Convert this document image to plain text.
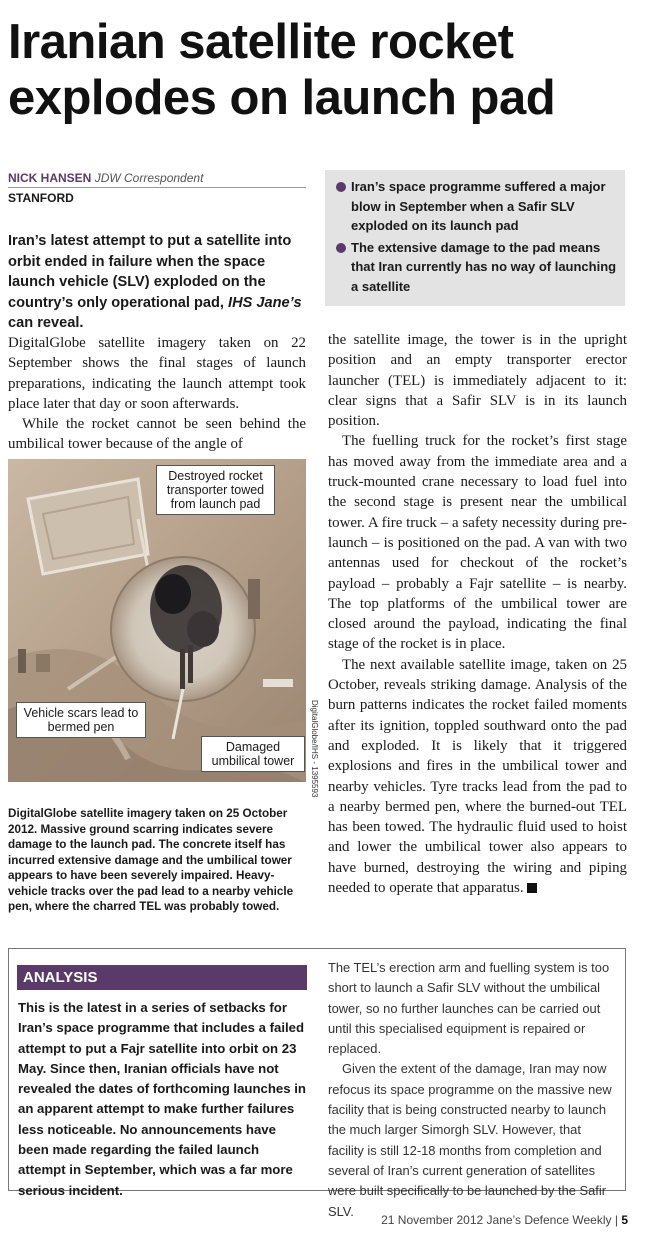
Iranian satellite rocket explodes on launch pad
NICK HANSEN JDW Correspondent
STANFORD
Iran’s space programme suffered a major blow in September when a Safir SLV exploded on its launch pad
The extensive damage to the pad means that Iran currently has no way of launching a satellite
Iran’s latest attempt to put a satellite into orbit ended in failure when the space launch vehicle (SLV) exploded on the country’s only operational pad, IHS Jane’s can reveal.

DigitalGlobe satellite imagery taken on 22 September shows the final stages of launch preparations, indicating the launch attempt took place later that day or soon afterwards.

While the rocket cannot be seen behind the umbilical tower because of the angle of

Destroyed rocket transporter towed from launch pad
Vehicle scars lead to bermed pen
Damaged umbilical tower	DigitalGlobe/IHS - 1395593
DigitalGlobe satellite imagery taken on 25 October 2012. Massive ground scarring indicates severe damage to the launch pad. The concrete itself has incurred extensive damage and the umbilical tower appears to have been severely impaired. Heavy-vehicle tracks over the pad lead to a nearby vehicle pen, where the charred TEL was probably towed.

the satellite image, the tower is in the upright position and an empty transporter erector launcher (TEL) is immediately adjacent to it: clear signs that a Safir SLV is in its launch position.

The fuelling truck for the rocket’s first stage has moved away from the immediate area and a truck-mounted crane necessary to load fuel into the second stage is present near the umbilical tower. A fire truck – a safety necessity during pre-launch – is positioned on the pad. A van with two antennas used for checkout of the rocket’s payload – probably a Fajr satellite – is nearby. The top platforms of the umbilical tower are closed around the payload, indicating the final stage of the rocket is in place.

The next available satellite image, taken on 25 October, reveals striking damage. Analysis of the burn patterns indicates the rocket failed moments after its ignition, toppled southward onto the pad and exploded. It is likely that it triggered explosions and fires in the umbilical tower and nearby vehicles. Tyre tracks lead from the pad to a nearby bermed pen, where the burned-out TEL has been towed. The hydraulic fluid used to hoist and lower the umbilical tower also appears to have burned, destroying the wiring and piping needed to operate that apparatus.

ANALYSIS
This is the latest in a series of setbacks for Iran’s space programme that includes a failed attempt to put a Fajr satellite into orbit on 23 May. Since then, Iranian officials have not revealed the dates of forthcoming launches in an apparent attempt to make further failures less noticeable. No announcements have been made regarding the failed launch attempt in September, which was a far more serious incident.

The TEL’s erection arm and fuelling system is too short to launch a Safir SLV without the umbilical tower, so no further launches can be carried out until this specialised equipment is repaired or replaced.

Given the extent of the damage, Iran may now refocus its space programme on the massive new facility that is being constructed nearby to launch the much larger Simorgh SLV. However, that facility is still 12-18 months from completion and several of Iran’s current generation of satellites were built specifically to be launched by the Safir SLV.

21 November 2012 Jane’s Defence Weekly | 5
